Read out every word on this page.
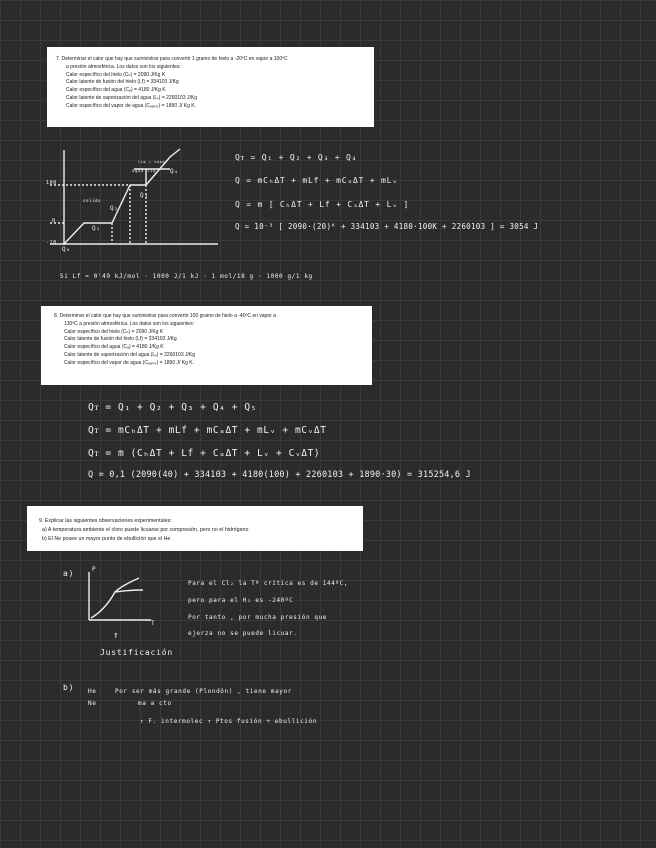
7. Determinar el calor que hay que suministrar para convertir 1 gramo de hielo a -20ºC en vapor a 100ºC

a presión atmosférica. Los datos son los siguientes:

Calor específico del hielo (Cₕ) = 2090 J/Kg K

Calor latente de fusión del hielo (Lf) = 334103 J/Kg

Calor específico del agua (Cₐ) = 4180 J/Kg K

Calor latente de vaporización del agua (Lᵥ) = 2260103 J/Kg

Calor específico del vapor de agua (Cᵥₐₚₒᵣ) = 1890 J/ Kg K.

100
0
-20
Q₀
Q₁
Q₂
Q₃
Q₄
solido
agua liq
liq + vapor	Qᴛ = Q₁ + Q₂ + Q₃ + Q₄
Q = mCₕΔT + mLf + mCₐΔT + mLᵥ
Q = m [ CₕΔT + Lf + CₐΔT + Lᵥ ]
Q = 10⁻³ [ 2090·(20)ᴷ + 334103 + 4180·100K + 2260103 ] = 3054 J
Si Lf = 0'49 kJ/mol · 1000 J/1 kJ · 1 mol/18 g · 1000 g/1 kg

8. Determinar el calor que hay que suministrar para convertir 100 gramo de hielo a -40ºC en vapor a

130ºC a presión atmosférica. Los datos son los siguientes:

Calor específico del hielo (Cₕ) = 2090 J/Kg K

Calor latente de fusión del hielo (Lf) = 334103 J/Kg

Calor específico del agua (Cₐ) = 4180 J/Kg K

Calor latente de vaporización del agua (Lᵥ) = 2260103 J/Kg

Calor específico del vapor de agua (Cᵥₐₚₒᵣ) = 1890 J/ Kg K.

Qᴛ = Q₁ + Q₂ + Q₃ + Q₄ + Q₅
Qᴛ = mCₕΔT + mLf + mCₐΔT + mLᵥ + mCᵥΔT
Qᴛ = m (CₕΔT + Lf + CₐΔT + Lᵥ + CᵥΔT)
Q = 0,1 (2090(40) + 334103 + 4180(100) + 2260103 + 1890·30) = 315254,6 J

9. Explicar las siguientes observaciones experimentales:

a) A temperatura ambiente el cloro puede licuarse por compresión, pero no el hidrógeno

b) El Ne posee un mayor punto de ebullición que el He

a)	P
T
↑
Justificación
Para el Cl₂ la Tª crítica es de 144ºC,
pero para el H₂ es -240ºC
Por tanto , por mucha presión que
ejerza no se puede licuar.
b) He
Ne
Por ser más grande (Plondón) , tiene mayor
ma a cto
↑ F. intermolec ↑ Ptos fusión + ebullición
